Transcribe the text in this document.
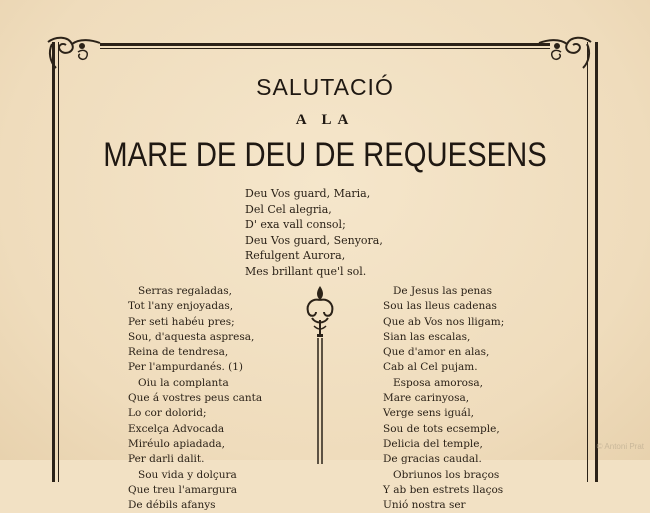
SALUTACIÓ
A LA
MARE DE DEU DE REQUESENS
Deu Vos guard, Maria,
Del Cel alegria,
D' exa vall consol;
Deu Vos guard, Senyora,
Refulgent Aurora,
Mes brillant que'l sol.
Serras regaladas,
Tot l'any enjoyadas,
Per seti habéu pres;
Sou, d'aquesta aspresa,
Reina de tendresa,
Per l'ampurdanés. (1)
Oiu la complanta
Que á vostres peus canta
Lo cor dolorid;
Excelça Advocada
Miréulo apiadada,
Per darli dalit.
Sou vida y dolçura
Que treu l'amargura
De débils afanys
De Jesus las penas
Sou las lleus cadenas
Que ab Vos nos lligam;
Sian las escalas,
Que d'amor en alas,
Cab al Cel pujam.
Esposa amorosa,
Mare carinyosa,
Verge sens iguál,
Sou de tots ecsemple,
Delicia del temple,
De gracias caudal.
Obriunos los braços
Y ab ben estrets llaços
Unió nostra ser
© Antoni Prat
